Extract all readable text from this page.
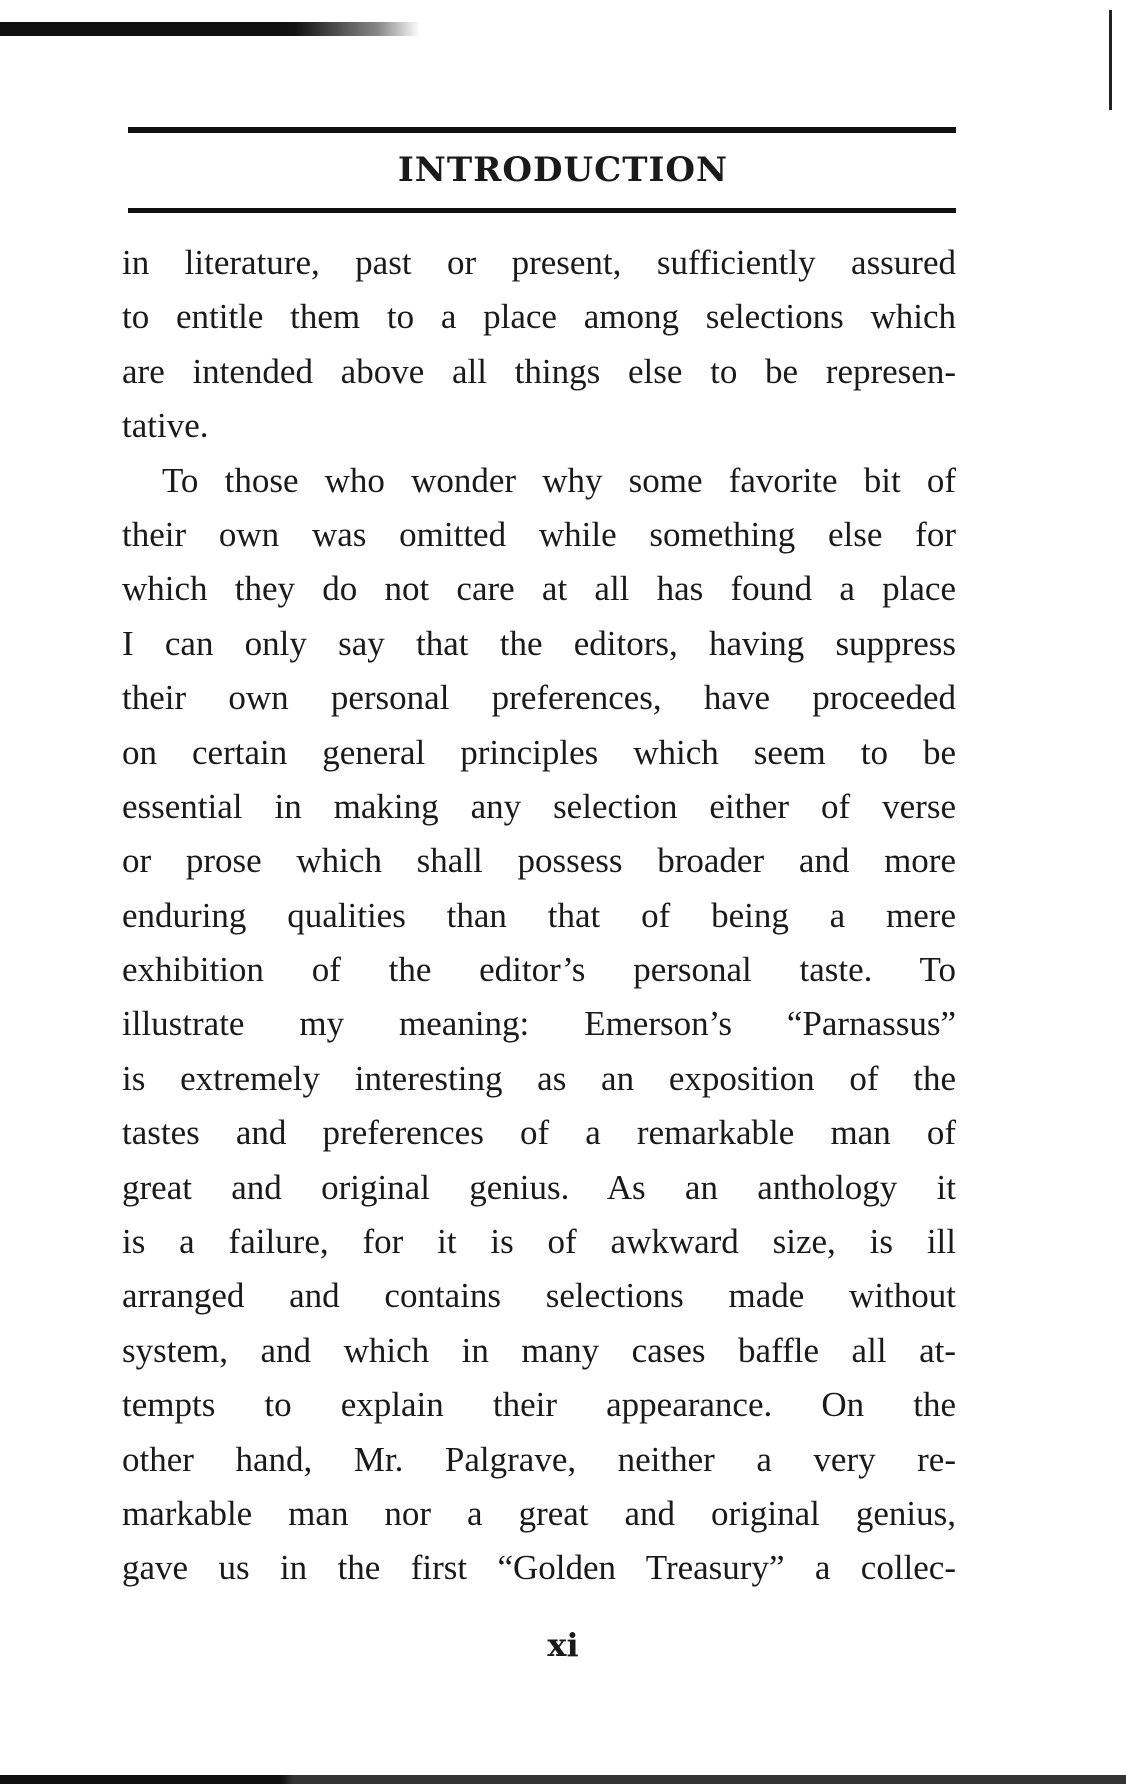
INTRODUCTION
in literature, past or present, sufficiently assured
to entitle them to a place among selections which
are intended above all things else to be represen-
tative.
To those who wonder why some favorite bit of
their own was omitted while something else for
which they do not care at all has found a place
I can only say that the editors, having suppress
their own personal preferences, have proceeded
on certain general principles which seem to be
essential in making any selection either of verse
or prose which shall possess broader and more
enduring qualities than that of being a mere
exhibition of the editor’s personal taste. To
illustrate my meaning: Emerson’s “Parnassus”
is extremely interesting as an exposition of the
tastes and preferences of a remarkable man of
great and original genius. As an anthology it
is a failure, for it is of awkward size, is ill
arranged and contains selections made without
system, and which in many cases baffle all at-
tempts to explain their appearance. On the
other hand, Mr. Palgrave, neither a very re-
markable man nor a great and original genius,
gave us in the first “Golden Treasury” a collec-
xi
